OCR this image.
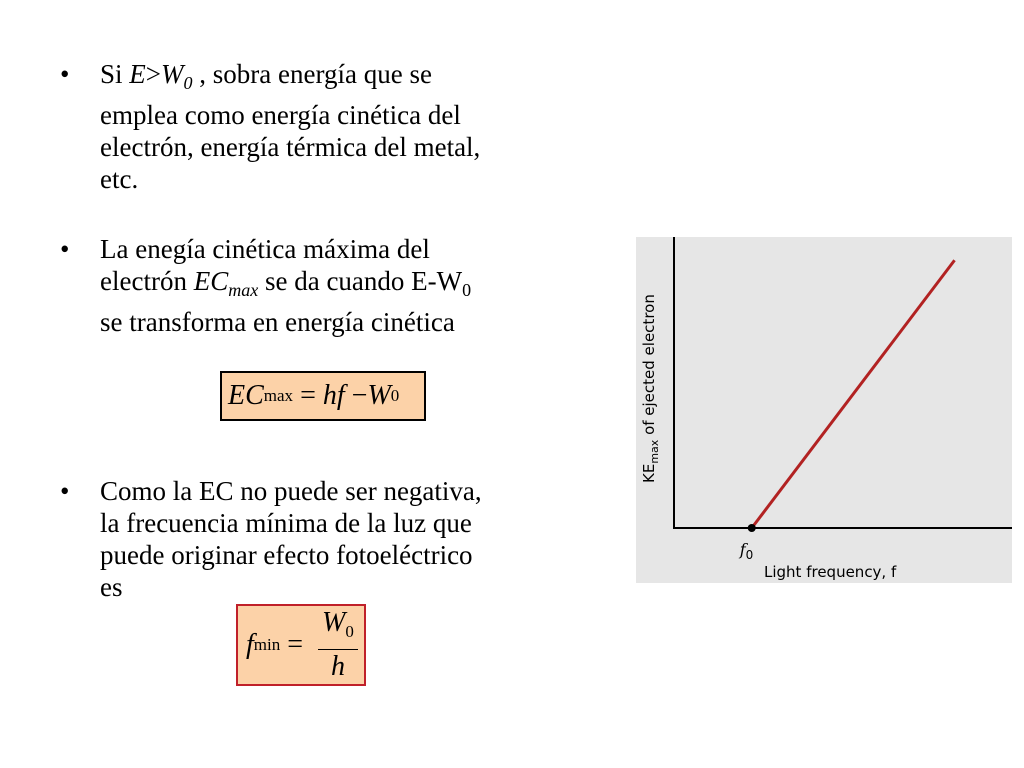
• Si $E>W_0$ , sobra energía que se
emplea como energía cinética del
electrón, energía térmica del metal,
etc.
• La enegía cinética máxima del
electrón $EC_{max}$ se da cuando $E-W_0$
se transforma en energía cinética
EC max = hf − W 0
• Como la EC no puede ser negativa,
la frecuencia mínima de la luz que
puede originar efecto fotoeléctrico
es
f $\min = \frac{W_0}{h}$
$f_0$
Light frequency, f
$KE_{max}$ of ejected electron
